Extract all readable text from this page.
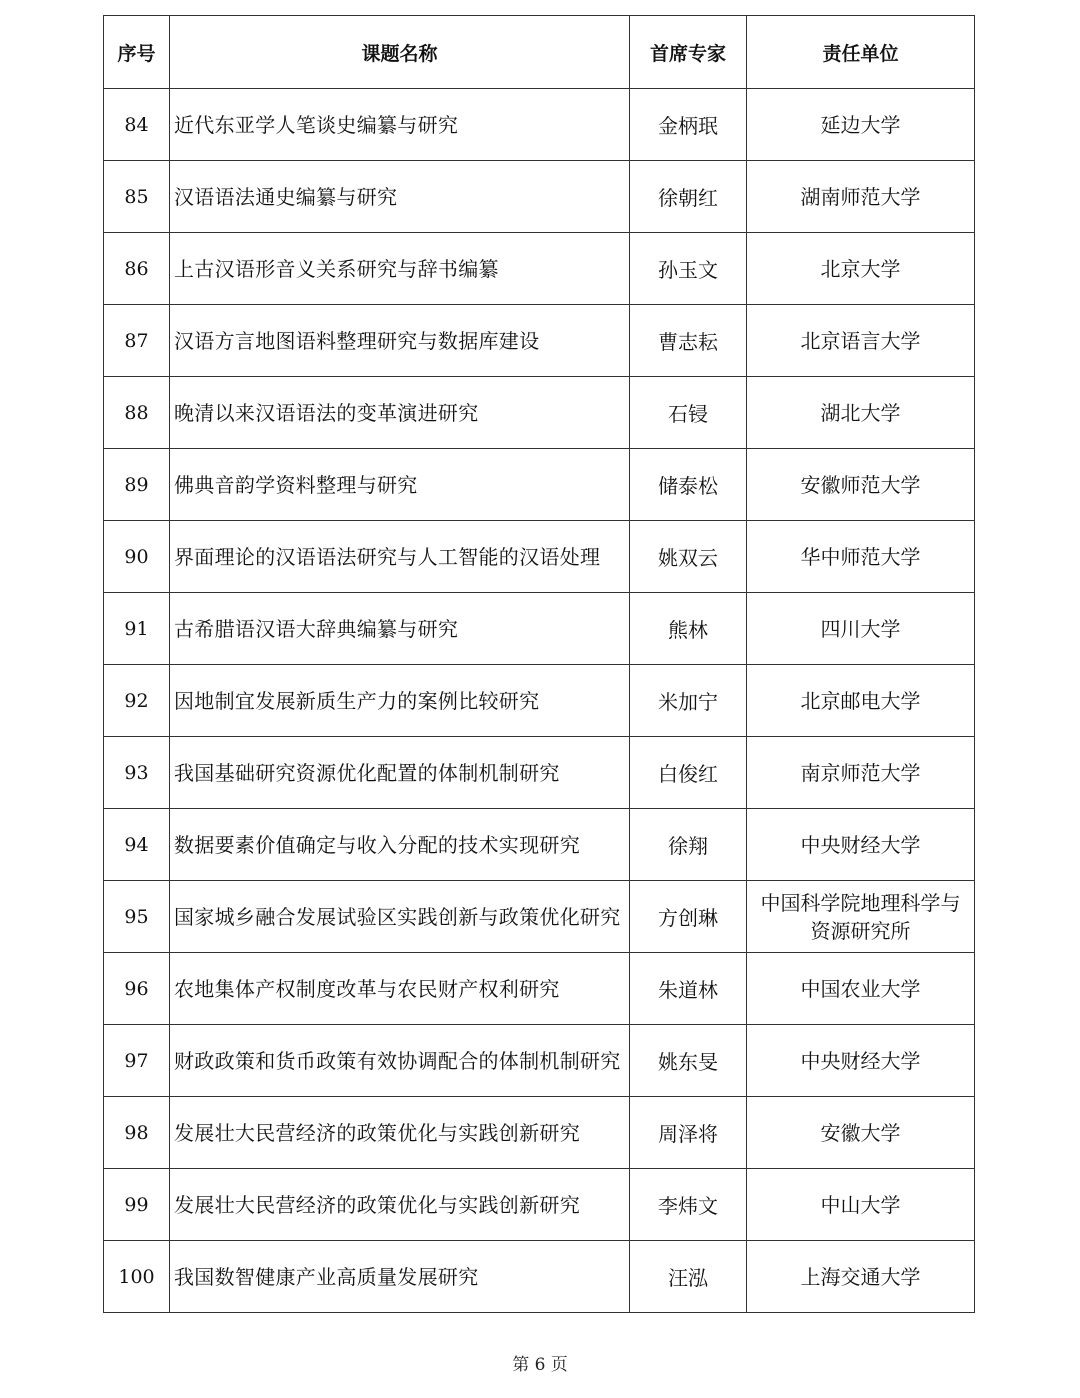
序号	课题名称	首席专家	责任单位
84	近代东亚学人笔谈史编纂与研究	金柄珉	延边大学
85	汉语语法通史编纂与研究	徐朝红	湖南师范大学
86	上古汉语形音义关系研究与辞书编纂	孙玉文	北京大学
87	汉语方言地图语料整理研究与数据库建设	曹志耘	北京语言大学
88	晚清以来汉语语法的变革演进研究	石锓	湖北大学
89	佛典音韵学资料整理与研究	储泰松	安徽师范大学
90	界面理论的汉语语法研究与人工智能的汉语处理	姚双云	华中师范大学
91	古希腊语汉语大辞典编纂与研究	熊林	四川大学
92	因地制宜发展新质生产力的案例比较研究	米加宁	北京邮电大学
93	我国基础研究资源优化配置的体制机制研究	白俊红	南京师范大学
94	数据要素价值确定与收入分配的技术实现研究	徐翔	中央财经大学
95	国家城乡融合发展试验区实践创新与政策优化研究	方创琳	中国科学院地理科学与资源研究所
96	农地集体产权制度改革与农民财产权利研究	朱道林	中国农业大学
97	财政政策和货币政策有效协调配合的体制机制研究	姚东旻	中央财经大学
98	发展壮大民营经济的政策优化与实践创新研究	周泽将	安徽大学
99	发展壮大民营经济的政策优化与实践创新研究	李炜文	中山大学
100	我国数智健康产业高质量发展研究	汪泓	上海交通大学
第 6 页
